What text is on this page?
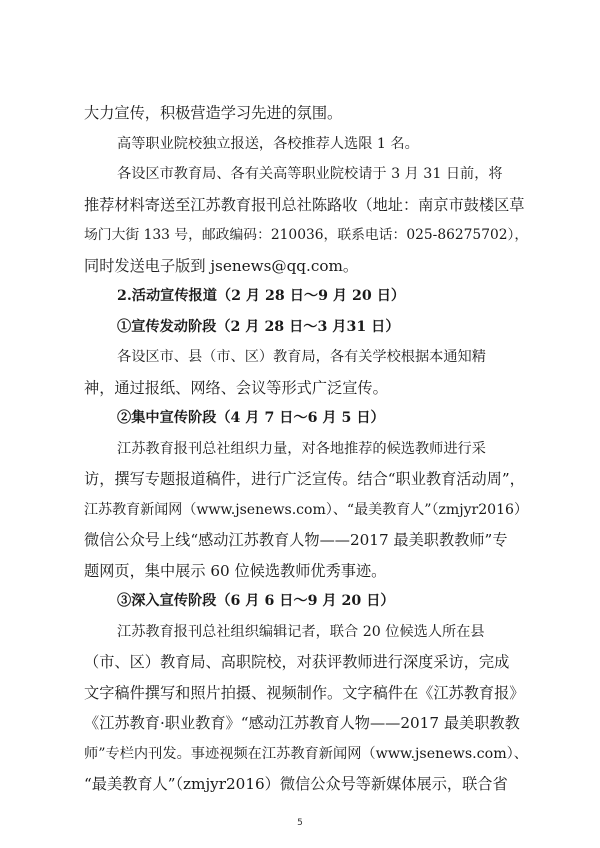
大力宣传，积极营造学习先进的氛围。
高等职业院校独立报送，各校推荐人选限 1 名。
各设区市教育局、各有关高等职业院校请于 3 月 31 日前，将
推荐材料寄送至江苏教育报刊总社陈路收（地址：南京市鼓楼区草
场门大街 133 号，邮政编码：210036，联系电话：025-86275702），
同时发送电子版到 jsenews@qq.com。
2.活动宣传报道（2 月 28 日～9 月 20 日）
①宣传发动阶段（2 月 28 日～3 月31 日）
各设区市、县（市、区）教育局，各有关学校根据本通知精
神，通过报纸、网络、会议等形式广泛宣传。
②集中宣传阶段（4 月 7 日～6 月 5 日）
江苏教育报刊总社组织力量，对各地推荐的候选教师进行采
访，撰写专题报道稿件，进行广泛宣传。结合“职业教育活动周”，
江苏教育新闻网（www.jsenews.com）、“最美教育人”（zmjyr2016）
微信公众号上线“感动江苏教育人物——2017 最美职教教师”专
题网页，集中展示 60 位候选教师优秀事迹。
③深入宣传阶段（6 月 6 日～9 月 20 日）
江苏教育报刊总社组织编辑记者，联合 20 位候选人所在县
（市、区）教育局、高职院校，对获评教师进行深度采访，完成
文字稿件撰写和照片拍摄、视频制作。文字稿件在《江苏教育报》
《江苏教育·职业教育》“感动江苏教育人物——2017 最美职教教
师”专栏内刊发。事迹视频在江苏教育新闻网（www.jsenews.com）、
“最美教育人”（zmjyr2016）微信公众号等新媒体展示，联合省
5
